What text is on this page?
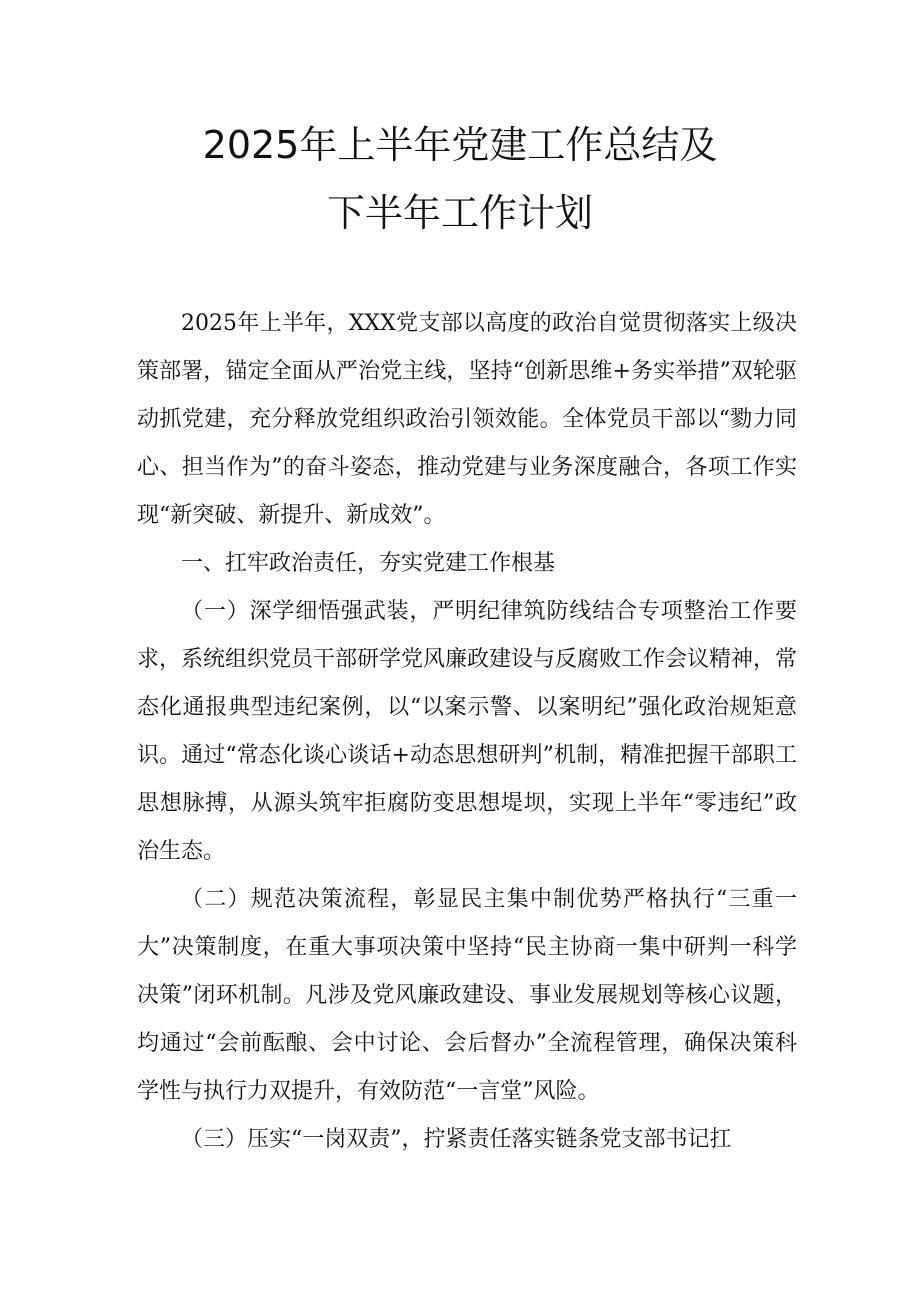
2025年上半年党建工作总结及
下半年工作计划

2025年上半年，XXX党支部以高度的政治自觉贯彻落实上级决策部署，锚定全面从严治党主线，坚持“创新思维+务实举措”双轮驱动抓党建，充分释放党组织政治引领效能。全体党员干部以“勠力同心、担当作为”的奋斗姿态，推动党建与业务深度融合，各项工作实现“新突破、新提升、新成效”。

一、扛牢政治责任，夯实党建工作根基

（一）深学细悟强武装，严明纪律筑防线结合专项整治工作要求，系统组织党员干部研学党风廉政建设与反腐败工作会议精神，常态化通报典型违纪案例，以“以案示警、以案明纪”强化政治规矩意识。通过“常态化谈心谈话+动态思想研判”机制，精准把握干部职工思想脉搏，从源头筑牢拒腐防变思想堤坝，实现上半年“零违纪”政治生态。

（二）规范决策流程，彰显民主集中制优势严格执行“三重一大”决策制度，在重大事项决策中坚持“民主协商一集中研判一科学决策”闭环机制。凡涉及党风廉政建设、事业发展规划等核心议题，均通过“会前酝酿、会中讨论、会后督办”全流程管理，确保决策科学性与执行力双提升，有效防范“一言堂”风险。

（三）压实“一岗双责”，拧紧责任落实链条党支部书记扛
